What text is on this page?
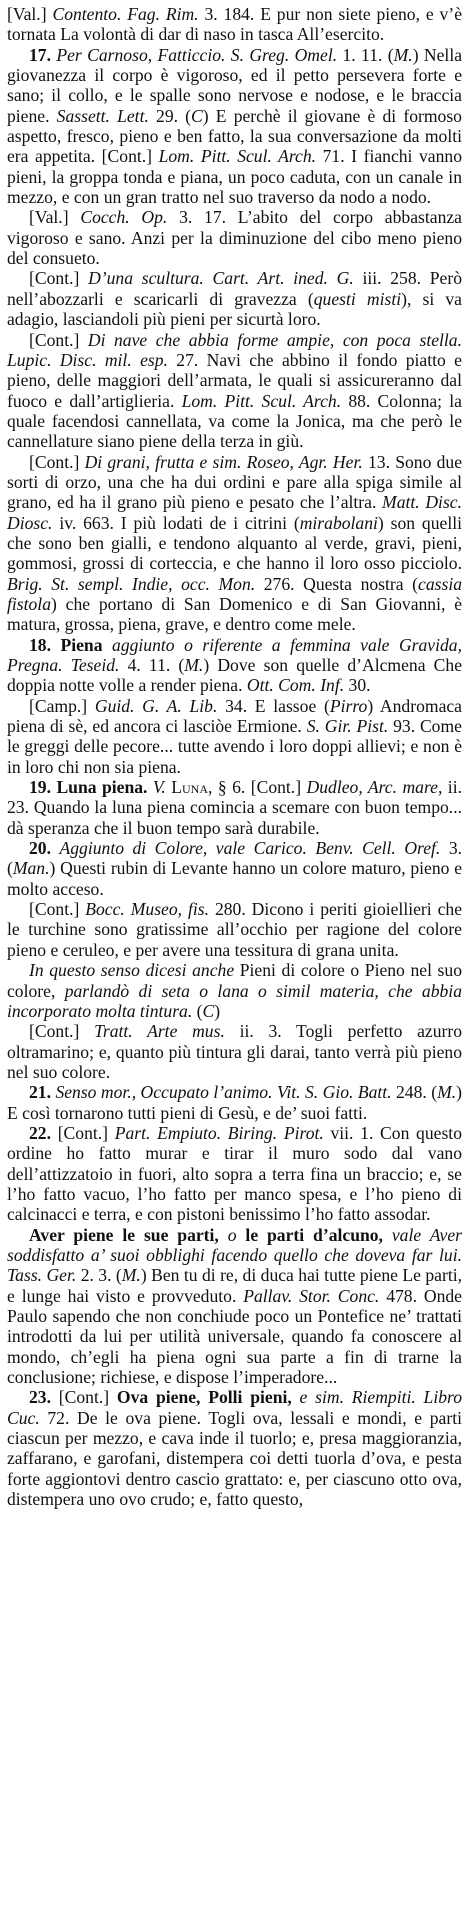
[Val.] Contento. Fag. Rim. 3. 184. E pur non siete pieno, e v’è tornata La volontà di dar di naso in tasca All’esercito.

17. Per Carnoso, Fatticcio. S. Greg. Omel. 1. 11. (M.) Nella giovanezza il corpo è vigoroso, ed il petto persevera forte e sano; il collo, e le spalle sono nervose e nodose, e le braccia piene. Sassett. Lett. 29. (C) E perchè il giovane è di formoso aspetto, fresco, pieno e ben fatto, la sua conversazione da molti era appetita. [Cont.] Lom. Pitt. Scul. Arch. 71. I fianchi vanno pieni, la groppa tonda e piana, un poco caduta, con un canale in mezzo, e con un gran tratto nel suo traverso da nodo a nodo.

[Val.] Cocch. Op. 3. 17. L’abito del corpo abbastanza vigoroso e sano. Anzi per la diminuzione del cibo meno pieno del consueto.

[Cont.] D’una scultura. Cart. Art. ined. G. iii. 258. Però nell’abozzarli e scaricarli di gravezza (questi misti), si va adagio, lasciandoli più pieni per sicurtà loro.

[Cont.] Di nave che abbia forme ampie, con poca stella. Lupic. Disc. mil. esp. 27. Navi che abbino il fondo piatto e pieno, delle maggiori dell’armata, le quali si assicureranno dal fuoco e dall’artiglieria. Lom. Pitt. Scul. Arch. 88. Colonna; la quale facendosi cannellata, va come la Jonica, ma che però le cannellature siano piene della terza in giù.

[Cont.] Di grani, frutta e sim. Roseo, Agr. Her. 13. Sono due sorti di orzo, una che ha dui ordini e pare alla spiga simile al grano, ed ha il grano più pieno e pesato che l’altra. Matt. Disc. Diosc. iv. 663. I più lodati de i citrini (mirabolani) son quelli che sono ben gialli, e tendono alquanto al verde, gravi, pieni, gommosi, grossi di corteccia, e che hanno il loro osso picciolo. Brig. St. sempl. Indie, occ. Mon. 276. Questa nostra (cassia fistola) che portano di San Domenico e di San Giovanni, è matura, grossa, piena, grave, e dentro come mele.

18. Piena aggiunto o riferente a femmina vale Gravida, Pregna. Teseid. 4. 11. (M.) Dove son quelle d’Alcmena Che doppia notte volle a render piena. Ott. Com. Inf. 30.

[Camp.] Guid. G. A. Lib. 34. E lassoe (Pirro) Andromaca piena di sè, ed ancora ci lasciòe Ermione. S. Gir. Pist. 93. Come le greggi delle pecore... tutte avendo i loro doppi allievi; e non è in loro chi non sia piena.

19. Luna piena. V. Luna, § 6. [Cont.] Dudleo, Arc. mare, ii. 23. Quando la luna piena comincia a scemare con buon tempo... dà speranza che il buon tempo sarà durabile.

20. Aggiunto di Colore, vale Carico. Benv. Cell. Oref. 3. (Man.) Questi rubin di Levante hanno un colore maturo, pieno e molto acceso.

[Cont.] Bocc. Museo, fis. 280. Dicono i periti gioiellieri che le turchine sono gratissime all’occhio per ragione del colore pieno e ceruleo, e per avere una tessitura di grana unita.

In questo senso dicesi anche Pieni di colore o Pieno nel suo colore, parlandò di seta o lana o simil materia, che abbia incorporato molta tintura. (C)

[Cont.] Tratt. Arte mus. ii. 3. Togli perfetto azurro oltramarino; e, quanto più tintura gli darai, tanto verrà più pieno nel suo colore.

21. Senso mor., Occupato l’animo. Vit. S. Gio. Batt. 248. (M.) E così tornarono tutti pieni di Gesù, e de’ suoi fatti.

22. [Cont.] Part. Empiuto. Biring. Pirot. vii. 1. Con questo ordine ho fatto murar e tirar il muro sodo dal vano dell’attizzatoio in fuori, alto sopra a terra fina un braccio; e, se l’ho fatto vacuo, l’ho fatto per manco spesa, e l’ho pieno di calcinacci e terra, e con pistoni benissimo l’ho fatto assodar.

Aver piene le sue parti, o le parti d’alcuno, vale Aver soddisfatto a’ suoi obblighi facendo quello che doveva far lui. Tass. Ger. 2. 3. (M.) Ben tu di re, di duca hai tutte piene Le parti, e lunge hai visto e provveduto. Pallav. Stor. Conc. 478. Onde Paulo sapendo che non conchiude poco un Pontefice ne’ trattati introdotti da lui per utilità universale, quando fa conoscere al mondo, ch’egli ha piena ogni sua parte a fin di trarne la conclusione; richiese, e dispose l’imperadore...

23. [Cont.] Ova piene, Polli pieni, e sim. Riempiti. Libro Cuc. 72. De le ova piene. Togli ova, lessali e mondi, e parti ciascun per mezzo, e cava inde il tuorlo; e, presa maggioranzia, zaffarano, e garofani, distempera coi detti tuorla d’ova, e pesta forte aggiontovi dentro cascio grattato: e, per ciascuno otto ova, distempera uno ovo crudo; e, fatto questo,
